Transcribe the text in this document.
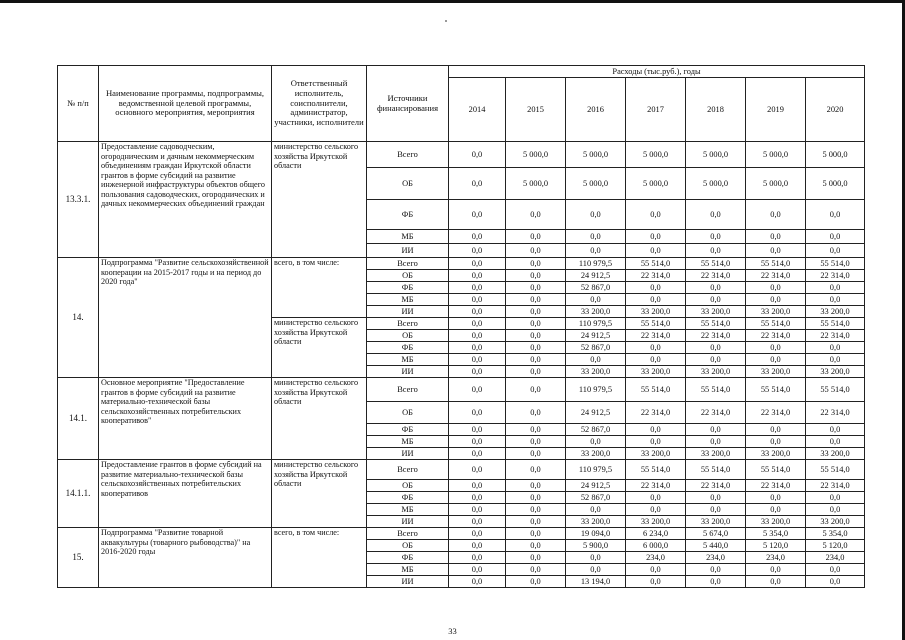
№ п/п	Наименование программы, подпрограммы, ведомственной целевой программы, основного мероприятия, мероприятия	Ответственный исполнитель, соисполнители, администратор, участники, исполнители	Источники финансирования	Расходы (тыс.руб.), годы						
				2014	2015	2016	2017	2018	2019	2020
13.3.1.	Предоставление садоводческим, огородническим и дачным некоммерческим объединениям граждан Иркутской области грантов в форме субсидий на развитие инженерной инфраструктуры объектов общего пользования садоводческих, огороднических и дачных некоммерческих объединений граждан	министерство сельского хозяйства Иркутской области	Всего	0,0	5 000,0	5 000,0	5 000,0	5 000,0	5 000,0	5 000,0
			ОБ	0,0	5 000,0	5 000,0	5 000,0	5 000,0	5 000,0	5 000,0
			ФБ	0,0	0,0	0,0	0,0	0,0	0,0	0,0
			МБ	0,0	0,0	0,0	0,0	0,0	0,0	0,0
			ИИ	0,0	0,0	0,0	0,0	0,0	0,0	0,0
14.	Подпрограмма "Развитие сельскохозяйственной кооперации на 2015-2017 годы и на период до 2020 года"	всего, в том числе:	Всего	0,0	0,0	110 979,5	55 514,0	55 514,0	55 514,0	55 514,0
			ОБ	0,0	0,0	24 912,5	22 314,0	22 314,0	22 314,0	22 314,0
			ФБ	0,0	0,0	52 867,0	0,0	0,0	0,0	0,0
			МБ	0,0	0,0	0,0	0,0	0,0	0,0	0,0
			ИИ	0,0	0,0	33 200,0	33 200,0	33 200,0	33 200,0	33 200,0
		министерство сельского хозяйства Иркутской области	Всего	0,0	0,0	110 979,5	55 514,0	55 514,0	55 514,0	55 514,0
			ОБ	0,0	0,0	24 912,5	22 314,0	22 314,0	22 314,0	22 314,0
			ФБ	0,0	0,0	52 867,0	0,0	0,0	0,0	0,0
			МБ	0,0	0,0	0,0	0,0	0,0	0,0	0,0
			ИИ	0,0	0,0	33 200,0	33 200,0	33 200,0	33 200,0	33 200,0
14.1.	Основное мероприятие "Предоставление грантов в форме субсидий на развитие материально-технической базы сельскохозяйственных потребительских кооперативов"	министерство сельского хозяйства Иркутской области	Всего	0,0	0,0	110 979,5	55 514,0	55 514,0	55 514,0	55 514,0
			ОБ	0,0	0,0	24 912,5	22 314,0	22 314,0	22 314,0	22 314,0
			ФБ	0,0	0,0	52 867,0	0,0	0,0	0,0	0,0
			МБ	0,0	0,0	0,0	0,0	0,0	0,0	0,0
			ИИ	0,0	0,0	33 200,0	33 200,0	33 200,0	33 200,0	33 200,0
14.1.1.	Предоставление грантов в форме субсидий на развитие материально-технической базы сельскохозяйственных потребительских кооперативов	министерство сельского хозяйства Иркутской области	Всего	0,0	0,0	110 979,5	55 514,0	55 514,0	55 514,0	55 514,0
			ОБ	0,0	0,0	24 912,5	22 314,0	22 314,0	22 314,0	22 314,0
			ФБ	0,0	0,0	52 867,0	0,0	0,0	0,0	0,0
			МБ	0,0	0,0	0,0	0,0	0,0	0,0	0,0
			ИИ	0,0	0,0	33 200,0	33 200,0	33 200,0	33 200,0	33 200,0
15.	Подпрограмма "Развитие товарной аквакультуры (товарного рыбоводства)" на 2016-2020 годы	всего, в том числе:	Всего	0,0	0,0	19 094,0	6 234,0	5 674,0	5 354,0	5 354,0
			ОБ	0,0	0,0	5 900,0	6 000,0	5 440,0	5 120,0	5 120,0
			ФБ	0,0	0,0	0,0	234,0	234,0	234,0	234,0
			МБ	0,0	0,0	0,0	0,0	0,0	0,0	0,0
			ИИ	0,0	0,0	13 194,0	0,0	0,0	0,0	0,0
33
